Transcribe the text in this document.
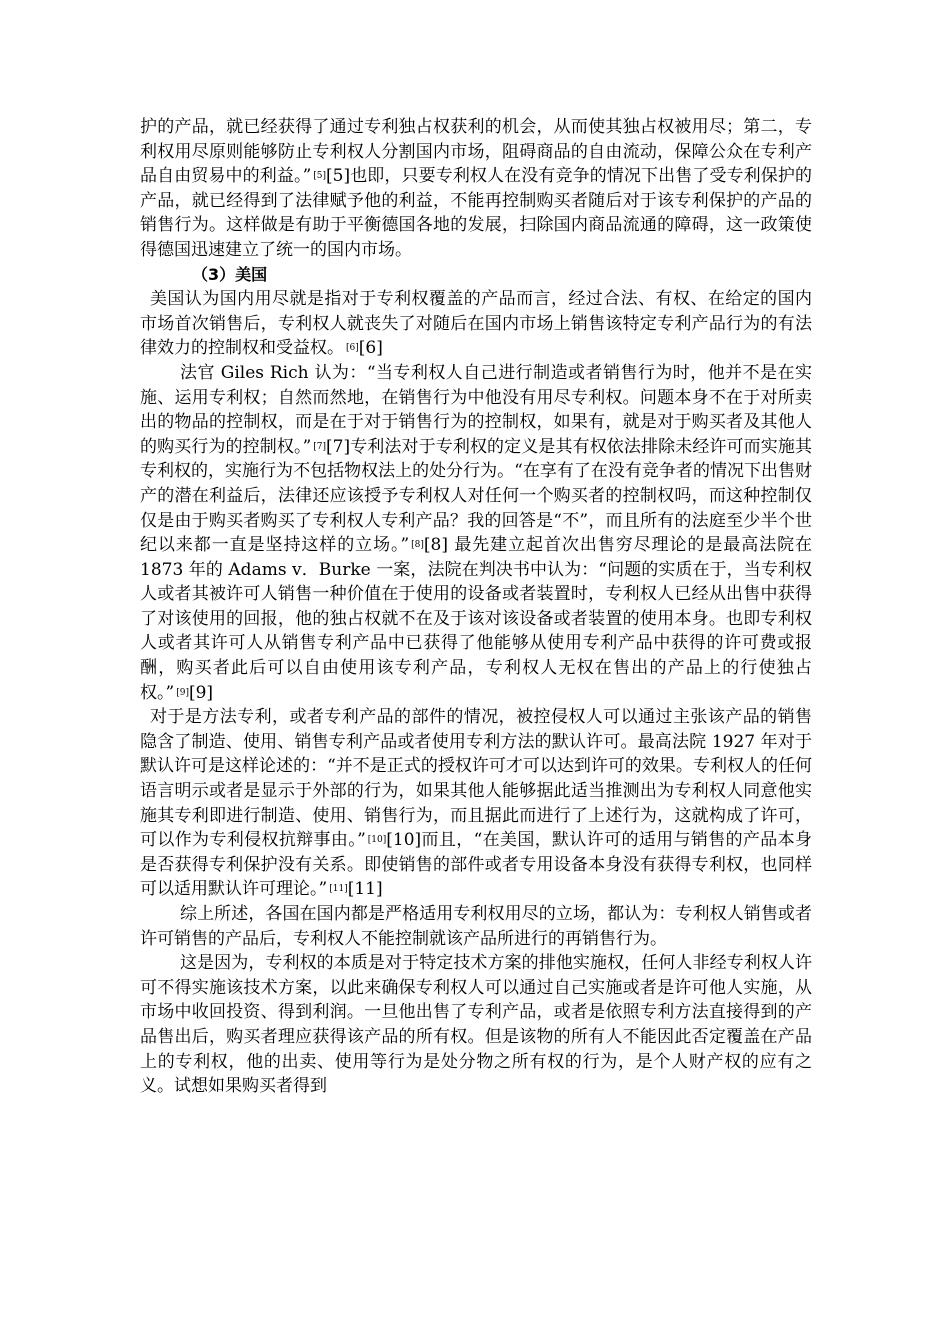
护的产品，就已经获得了通过专利独占权获利的机会，从而使其独占权被用尽；第二，专利权用尽原则能够防止专利权人分割国内市场，阻碍商品的自由流动，保障公众在专利产品自由贸易中的利益。” [5][5]也即，只要专利权人在没有竞争的情况下出售了受专利保护的产品，就已经得到了法律赋予他的利益，不能再控制购买者随后对于该专利保护的产品的销售行为。这样做是有助于平衡德国各地的发展，扫除国内商品流通的障碍，这一政策使得德国迅速建立了统一的国内市场。

（3）美国

美国认为国内用尽就是指对于专利权覆盖的产品而言，经过合法、有权、在给定的国内市场首次销售后，专利权人就丧失了对随后在国内市场上销售该特定专利产品行为的有法律效力的控制权和受益权。 [6][6]

法官 Giles Rich 认为：“当专利权人自己进行制造或者销售行为时，他并不是在实施、运用专利权；自然而然地，在销售行为中他没有用尽专利权。问题本身不在于对所卖出的物品的控制权，而是在于对于销售行为的控制权，如果有，就是对于购买者及其他人的购买行为的控制权。” [7][7]专利法对于专利权的定义是其有权依法排除未经许可而实施其专利权的，实施行为不包括物权法上的处分行为。“在享有了在没有竞争者的情况下出售财产的潜在利益后，法律还应该授予专利权人对任何一个购买者的控制权吗，而这种控制仅仅是由于购买者购买了专利权人专利产品？我的回答是“不”，而且所有的法庭至少半个世纪以来都一直是坚持这样的立场。” [8][8] 最先建立起首次出售穷尽理论的是最高法院在 1873 年的 Adams v．Burke 一案，法院在判决书中认为：“问题的实质在于，当专利权人或者其被许可人销售一种价值在于使用的设备或者装置时，专利权人已经从出售中获得了对该使用的回报，他的独占权就不在及于该对该设备或者装置的使用本身。也即专利权人或者其许可人从销售专利产品中已获得了他能够从使用专利产品中获得的许可费或报酬，购买者此后可以自由使用该专利产品，专利权人无权在售出的产品上的行使独占权。” [9][9]

对于是方法专利，或者专利产品的部件的情况，被控侵权人可以通过主张该产品的销售隐含了制造、使用、销售专利产品或者使用专利方法的默认许可。最高法院 1927 年对于默认许可是这样论述的：“并不是正式的授权许可才可以达到许可的效果。专利权人的任何语言明示或者是显示于外部的行为，如果其他人能够据此适当推测出为专利权人同意他实施其专利即进行制造、使用、销售行为，而且据此而进行了上述行为，这就构成了许可，可以作为专利侵权抗辩事由。” [10][10]而且，“在美国，默认许可的适用与销售的产品本身是否获得专利保护没有关系。即使销售的部件或者专用设备本身没有获得专利权，也同样可以适用默认许可理论。” [11][11]

综上所述，各国在国内都是严格适用专利权用尽的立场，都认为：专利权人销售或者许可销售的产品后，专利权人不能控制就该产品所进行的再销售行为。

这是因为，专利权的本质是对于特定技术方案的排他实施权，任何人非经专利权人许可不得实施该技术方案，以此来确保专利权人可以通过自己实施或者是许可他人实施，从市场中收回投资、得到利润。一旦他出售了专利产品，或者是依照专利方法直接得到的产品售出后，购买者理应获得该产品的所有权。但是该物的所有人不能因此否定覆盖在产品上的专利权，他的出卖、使用等行为是处分物之所有权的行为，是个人财产权的应有之义。试想如果购买者得到
